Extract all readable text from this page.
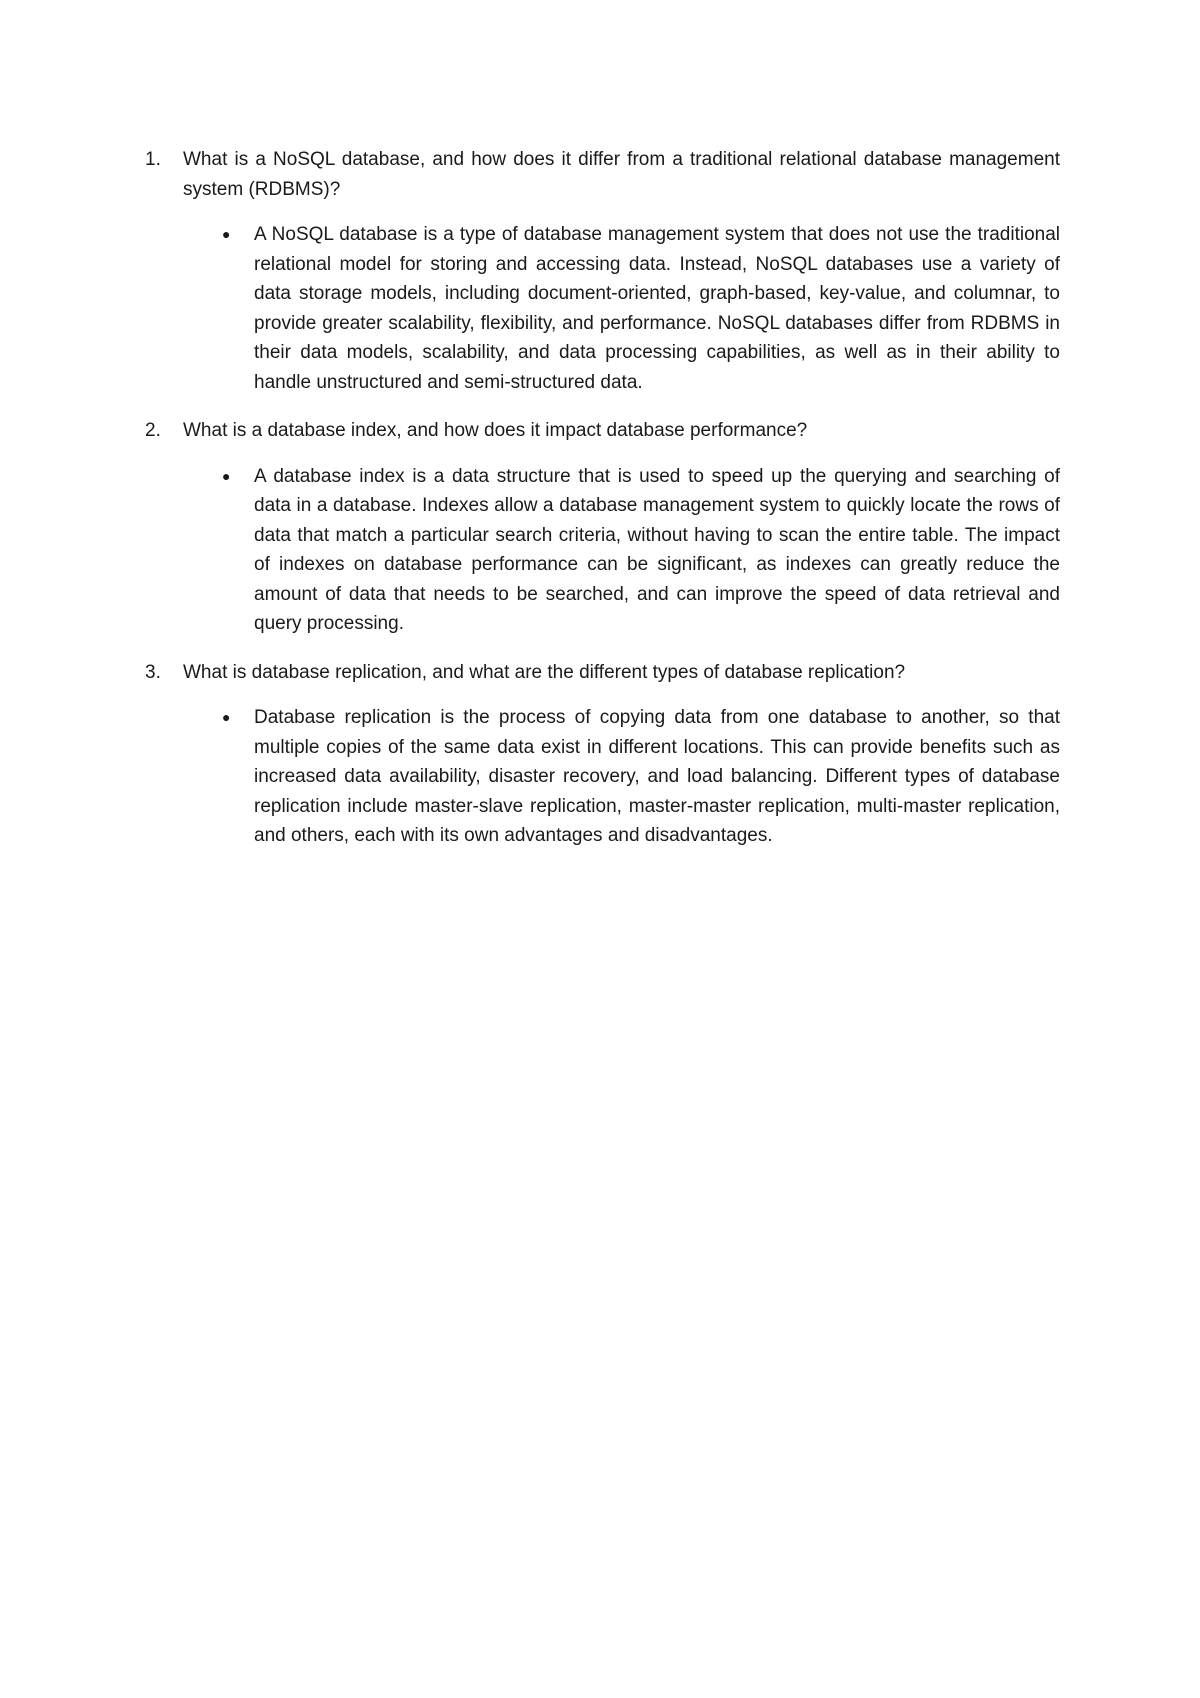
1. What is a NoSQL database, and how does it differ from a traditional relational database management system (RDBMS)?
● A NoSQL database is a type of database management system that does not use the traditional relational model for storing and accessing data. Instead, NoSQL databases use a variety of data storage models, including document-oriented, graph-based, key-value, and columnar, to provide greater scalability, flexibility, and performance. NoSQL databases differ from RDBMS in their data models, scalability, and data processing capabilities, as well as in their ability to handle unstructured and semi-structured data.
2. What is a database index, and how does it impact database performance?
● A database index is a data structure that is used to speed up the querying and searching of data in a database. Indexes allow a database management system to quickly locate the rows of data that match a particular search criteria, without having to scan the entire table. The impact of indexes on database performance can be significant, as indexes can greatly reduce the amount of data that needs to be searched, and can improve the speed of data retrieval and query processing.
3. What is database replication, and what are the different types of database replication?
● Database replication is the process of copying data from one database to another, so that multiple copies of the same data exist in different locations. This can provide benefits such as increased data availability, disaster recovery, and load balancing. Different types of database replication include master-slave replication, master-master replication, multi-master replication, and others, each with its own advantages and disadvantages.
